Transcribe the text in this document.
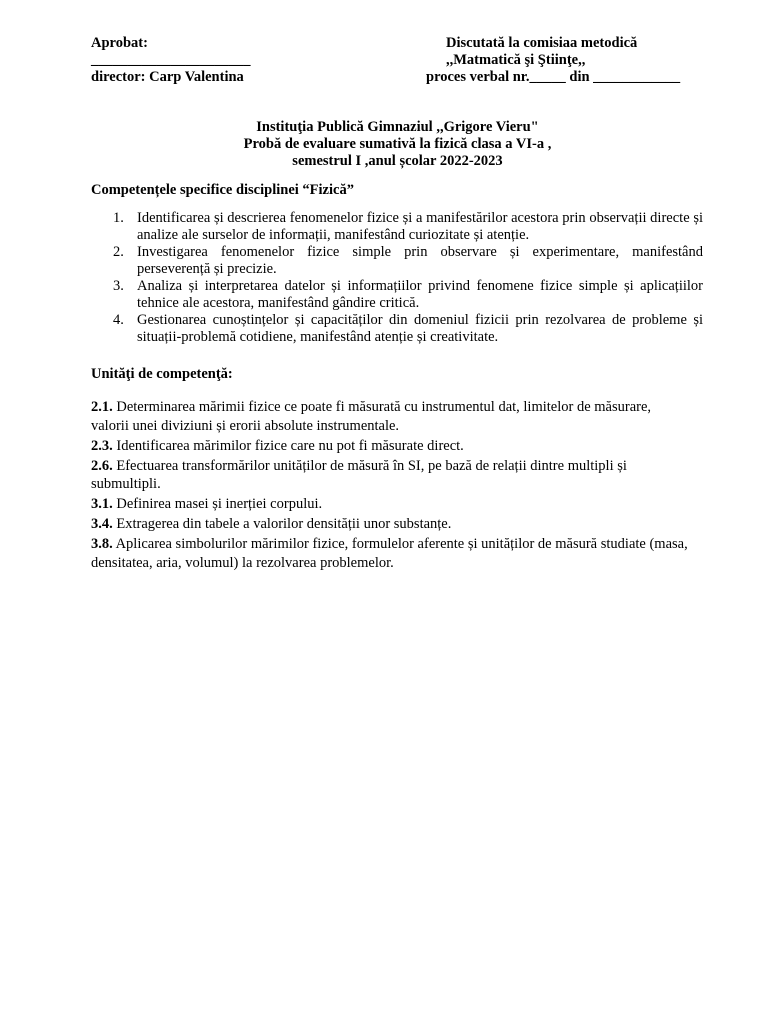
Aprobat:
______________________
director: Carp Valentina
Discutată la comisiaa metodică
,,Matmatică şi Ştiinţe,,
proces verbal nr._____ din ____________
Instituţia Publică Gimnaziul ,,Grigore Vieru"
Probă de evaluare sumativă la fizică clasa a VI-a ,
semestrul I ,anul școlar 2022-2023
Competențele specifice disciplinei “Fizică”
1. Identificarea și descrierea fenomenelor fizice și a manifestărilor acestora prin observații directe și analize ale surselor de informații, manifestând curiozitate și atenție.
2. Investigarea fenomenelor fizice simple prin observare și experimentare, manifestând perseverență și precizie.
3. Analiza și interpretarea datelor și informațiilor privind fenomene fizice simple și aplicațiilor tehnice ale acestora, manifestând gândire critică.
4. Gestionarea cunoștințelor și capacităților din domeniul fizicii prin rezolvarea de probleme și situații-problemă cotidiene, manifestând atenție și creativitate.
Unităţi de competenţă:
2.1. Determinarea mărimii fizice ce poate fi măsurată cu instrumentul dat, limitelor de măsurare, valorii unei diviziuni și erorii absolute instrumentale.
2.3. Identificarea mărimilor fizice care nu pot fi măsurate direct.
2.6. Efectuarea transformărilor unităților de măsură în SI, pe bază de relații dintre multipli și submultipli.
3.1. Definirea masei și inerției corpului.
3.4. Extragerea din tabele a valorilor densității unor substanțe.
3.8. Aplicarea simbolurilor mărimilor fizice, formulelor aferente și unităților de măsură studiate (masa, densitatea, aria, volumul) la rezolvarea problemelor.
